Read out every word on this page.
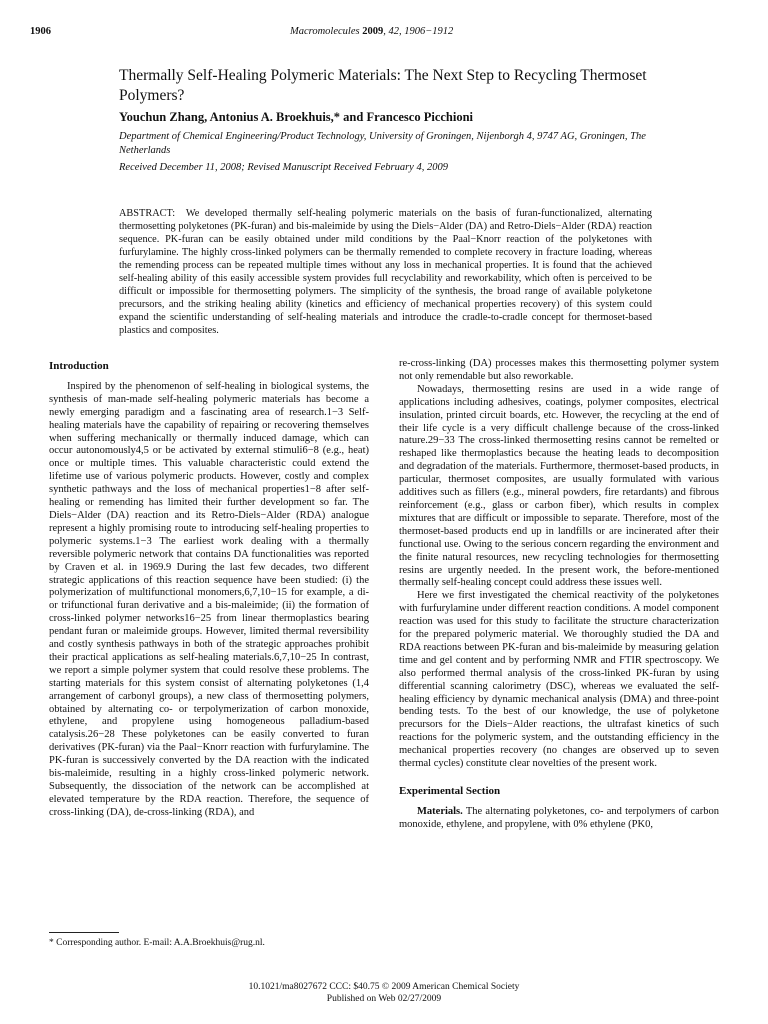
1906	Macromolecules 2009, 42, 1906−1912
Thermally Self-Healing Polymeric Materials: The Next Step to Recycling Thermoset Polymers?
Youchun Zhang, Antonius A. Broekhuis,* and Francesco Picchioni
Department of Chemical Engineering/Product Technology, University of Groningen, Nijenborgh 4, 9747 AG, Groningen, The Netherlands
Received December 11, 2008; Revised Manuscript Received February 4, 2009
ABSTRACT: We developed thermally self-healing polymeric materials on the basis of furan-functionalized, alternating thermosetting polyketones (PK-furan) and bis-maleimide by using the Diels−Alder (DA) and Retro-Diels−Alder (RDA) reaction sequence. PK-furan can be easily obtained under mild conditions by the Paal−Knorr reaction of the polyketones with furfurylamine. The highly cross-linked polymers can be thermally remended to complete recovery in fracture loading, whereas the remending process can be repeated multiple times without any loss in mechanical properties. It is found that the achieved self-healing ability of this easily accessible system provides full recyclability and reworkability, which often is perceived to be difficult or impossible for thermosetting polymers. The simplicity of the synthesis, the broad range of available polyketone precursors, and the striking healing ability (kinetics and efficiency of mechanical properties recovery) of this system could expand the scientific understanding of self-healing materials and introduce the cradle-to-cradle concept for thermoset-based plastics and composites.
Introduction

Inspired by the phenomenon of self-healing in biological systems, the synthesis of man-made self-healing polymeric materials has become a newly emerging paradigm and a fascinating area of research.1−3 Self-healing materials have the capability of repairing or recovering themselves when suffering mechanically or thermally induced damage, which can occur autonomously4,5 or be activated by external stimuli6−8 (e.g., heat) once or multiple times. This valuable characteristic could extend the lifetime use of various polymeric products. However, costly and complex synthetic pathways and the loss of mechanical properties1−8 after self-healing or remending has limited their further development so far. The Diels−Alder (DA) reaction and its Retro-Diels−Alder (RDA) analogue represent a highly promising route to introducing self-healing properties to polymeric systems.1−3 The earliest work dealing with a thermally reversible polymeric network that contains DA functionalities was reported by Craven et al. in 1969.9 During the last few decades, two different strategic applications of this reaction sequence have been studied: (i) the polymerization of multifunctional monomers,6,7,10−15 for example, a di- or trifunctional furan derivative and a bis-maleimide; (ii) the formation of cross-linked polymer networks16−25 from linear thermoplastics bearing pendant furan or maleimide groups. However, limited thermal reversibility and costly synthesis pathways in both of the strategic approaches prohibit their practical applications as self-healing materials.6,7,10−25 In contrast, we report a simple polymer system that could resolve these problems. The starting materials for this system consist of alternating polyketones (1,4 arrangement of carbonyl groups), a new class of thermosetting polymers, obtained by alternating co- or terpolymerization of carbon monoxide, ethylene, and propylene using homogeneous palladium-based catalysis.26−28 These polyketones can be easily converted to furan derivatives (PK-furan) via the Paal−Knorr reaction with furfurylamine. The PK-furan is successively converted by the DA reaction with the indicated bis-maleimide, resulting in a highly cross-linked polymeric network. Subsequently, the dissociation of the network can be accomplished at elevated temperature by the RDA reaction. Therefore, the sequence of cross-linking (DA), de-cross-linking (RDA), and

re-cross-linking (DA) processes makes this thermosetting polymer system not only remendable but also reworkable.

Nowadays, thermosetting resins are used in a wide range of applications including adhesives, coatings, polymer composites, electrical insulation, printed circuit boards, etc. However, the recycling at the end of their life cycle is a very difficult challenge because of the cross-linked nature.29−33 The cross-linked thermosetting resins cannot be remelted or reshaped like thermoplastics because the heating leads to decomposition and degradation of the materials. Furthermore, thermoset-based products, in particular, thermoset composites, are usually formulated with various additives such as fillers (e.g., mineral powders, fire retardants) and fibrous reinforcement (e.g., glass or carbon fiber), which results in complex mixtures that are difficult or impossible to separate. Therefore, most of the thermoset-based products end up in landfills or are incinerated after their functional use. Owing to the serious concern regarding the environment and the finite natural resources, new recycling technologies for thermosetting resins are urgently needed. In the present work, the before-mentioned thermally self-healing concept could address these issues well.

Here we first investigated the chemical reactivity of the polyketones with furfurylamine under different reaction conditions. A model component reaction was used for this study to facilitate the structure characterization for the prepared polymeric material. We thoroughly studied the DA and RDA reactions between PK-furan and bis-maleimide by measuring gelation time and gel content and by performing NMR and FTIR spectroscopy. We also performed thermal analysis of the cross-linked PK-furan by using differential scanning calorimetry (DSC), whereas we evaluated the self-healing efficiency by dynamic mechanical analysis (DMA) and three-point bending tests. To the best of our knowledge, the use of polyketone precursors for the Diels−Alder reactions, the ultrafast kinetics of such reactions for the polymeric system, and the outstanding efficiency in the mechanical properties recovery (no changes are observed up to seven thermal cycles) constitute clear novelties of the present work.

Experimental Section

Materials. The alternating polyketones, co- and terpolymers of carbon monoxide, ethylene, and propylene, with 0% ethylene (PK0,

* Corresponding author. E-mail: A.A.Broekhuis@rug.nl.
10.1021/ma8027672 CCC: $40.75 © 2009 American Chemical Society
Published on Web 02/27/2009
